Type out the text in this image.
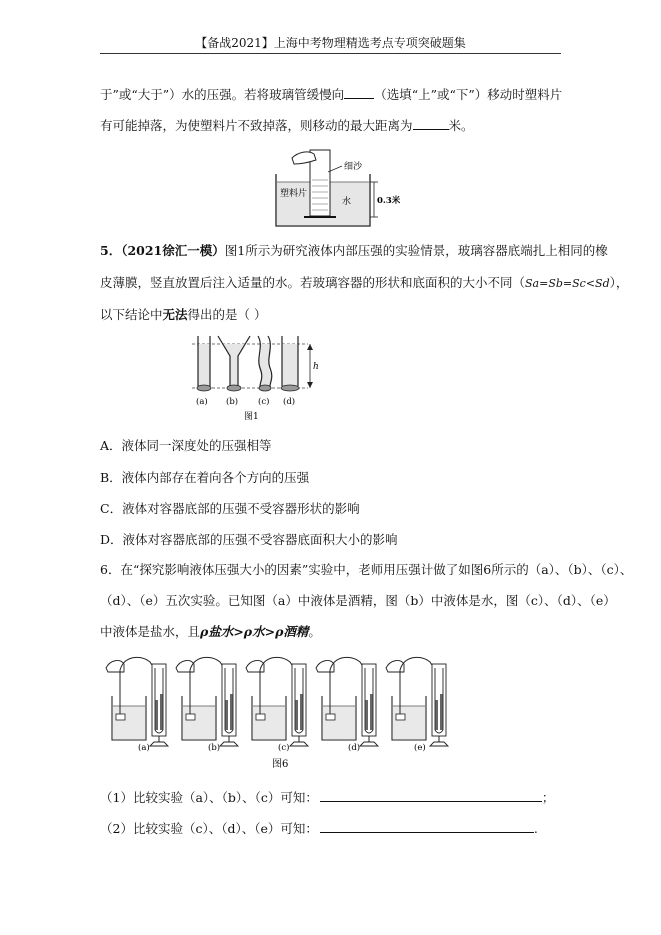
【备战2021】上海中考物理精选考点专项突破题集
于”或“大于”）水的压强。若将玻璃管缓慢向 （选填“上”或“下”）移动时塑料片
有可能掉落，为使塑料片不致掉落，则移动的最大距离为	米。
细沙
水
塑料片
0.3米
5．（2021徐汇一模）图1所示为研究液体内部压强的实验情景，玻璃容器底端扎上相同的橡
皮薄膜，竖直放置后注入适量的水。若玻璃容器的形状和底面积的大小不同（Sa=Sb=Sc<Sd），
以下结论中无法得出的是（ ）
h
(a) (b) (c) (d)
图1
A．液体同一深度处的压强相等
B．液体内部存在着向各个方向的压强
C．液体对容器底部的压强不受容器形状的影响
D．液体对容器底部的压强不受容器底面积大小的影响
6．在“探究影响液体压强大小的因素”实验中，老师用压强计做了如图6所示的（a）、（b）、（c）、
（d）、（e）五次实验。已知图（a）中液体是酒精，图（b）中液体是水，图（c）、（d）、（e）
中液体是盐水，且ρ盐水>ρ水>ρ酒精。
(a)	(b)	(c)	(d)	(e)
图6
（1）比较实验（a）、（b）、（c）可知：	；
（2）比较实验（c）、（d）、（e）可知：	.
